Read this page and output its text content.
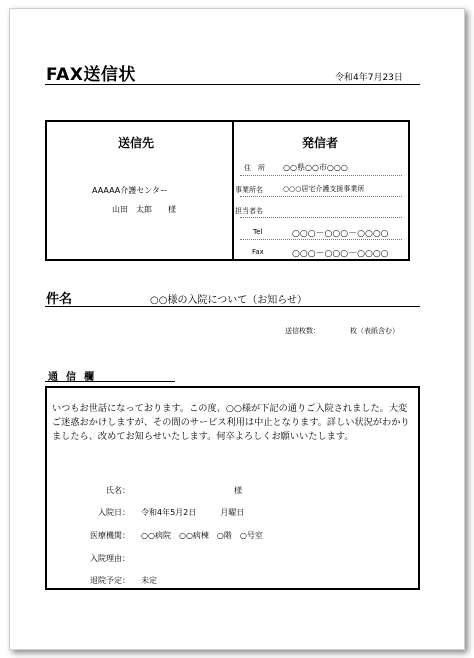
FAX送信状	令和4年7月23日
送信先
AAAAA介護センター
山田　太郎　　様
発信者
住　所 ○○県○○市○○○
事業所名	○○○居宅介護支援事業所
担当者名
Tel	○○○－○○○－○○○○
Fax	○○○－○○○－○○○○
件名	○○様の入院について（お知らせ）
送信枚数：	枚（表紙含む）
通信欄
いつもお世話になっております。この度、○○様が下記の通りご入院されました。大変ご迷惑おかけしますが、その間のサービス利用は中止となります。詳しい状況がわかりましたら、改めてお知らせいたします。何卒よろしくお願いいたします。
氏名：	様
入院日： 令和4年5月2日　　　月曜日
医療機関： ○○病院　○○病棟　○階　○号室
入院理由：
退院予定： 未定
